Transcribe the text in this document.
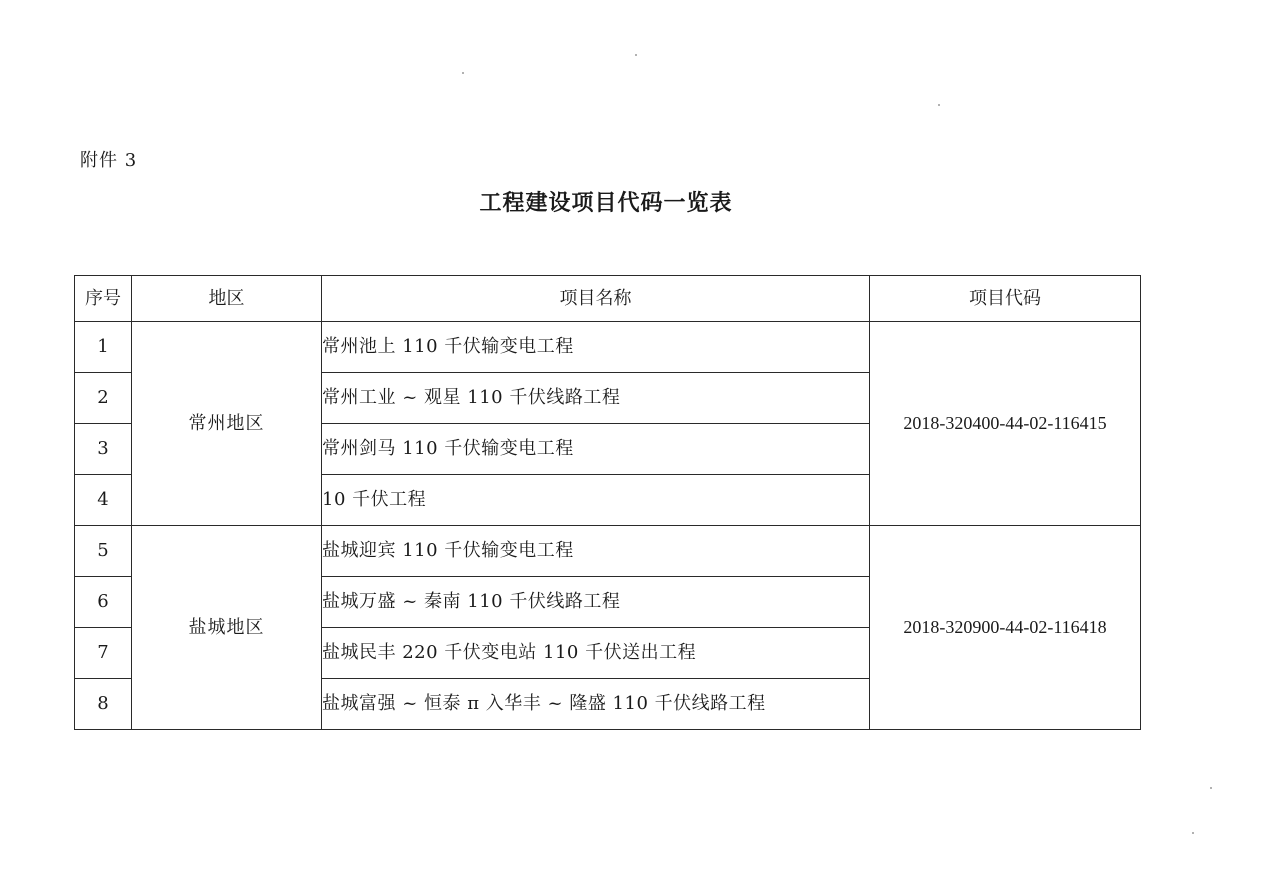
附件 3
工程建设项目代码一览表
序号	地区	项目名称	项目代码
1	常州地区	常州池上 110 千伏输变电工程	2018-320400-44-02-116415
2		常州工业 ~ 观星 110 千伏线路工程	
3		常州剑马 110 千伏输变电工程	
4		10 千伏工程	
5	盐城地区	盐城迎宾 110 千伏输变电工程	2018-320900-44-02-116418
6		盐城万盛 ~ 秦南 110 千伏线路工程	
7		盐城民丰 220 千伏变电站 110 千伏送出工程	
8		盐城富强 ~ 恒泰 π 入华丰 ~ 隆盛 110 千伏线路工程	
